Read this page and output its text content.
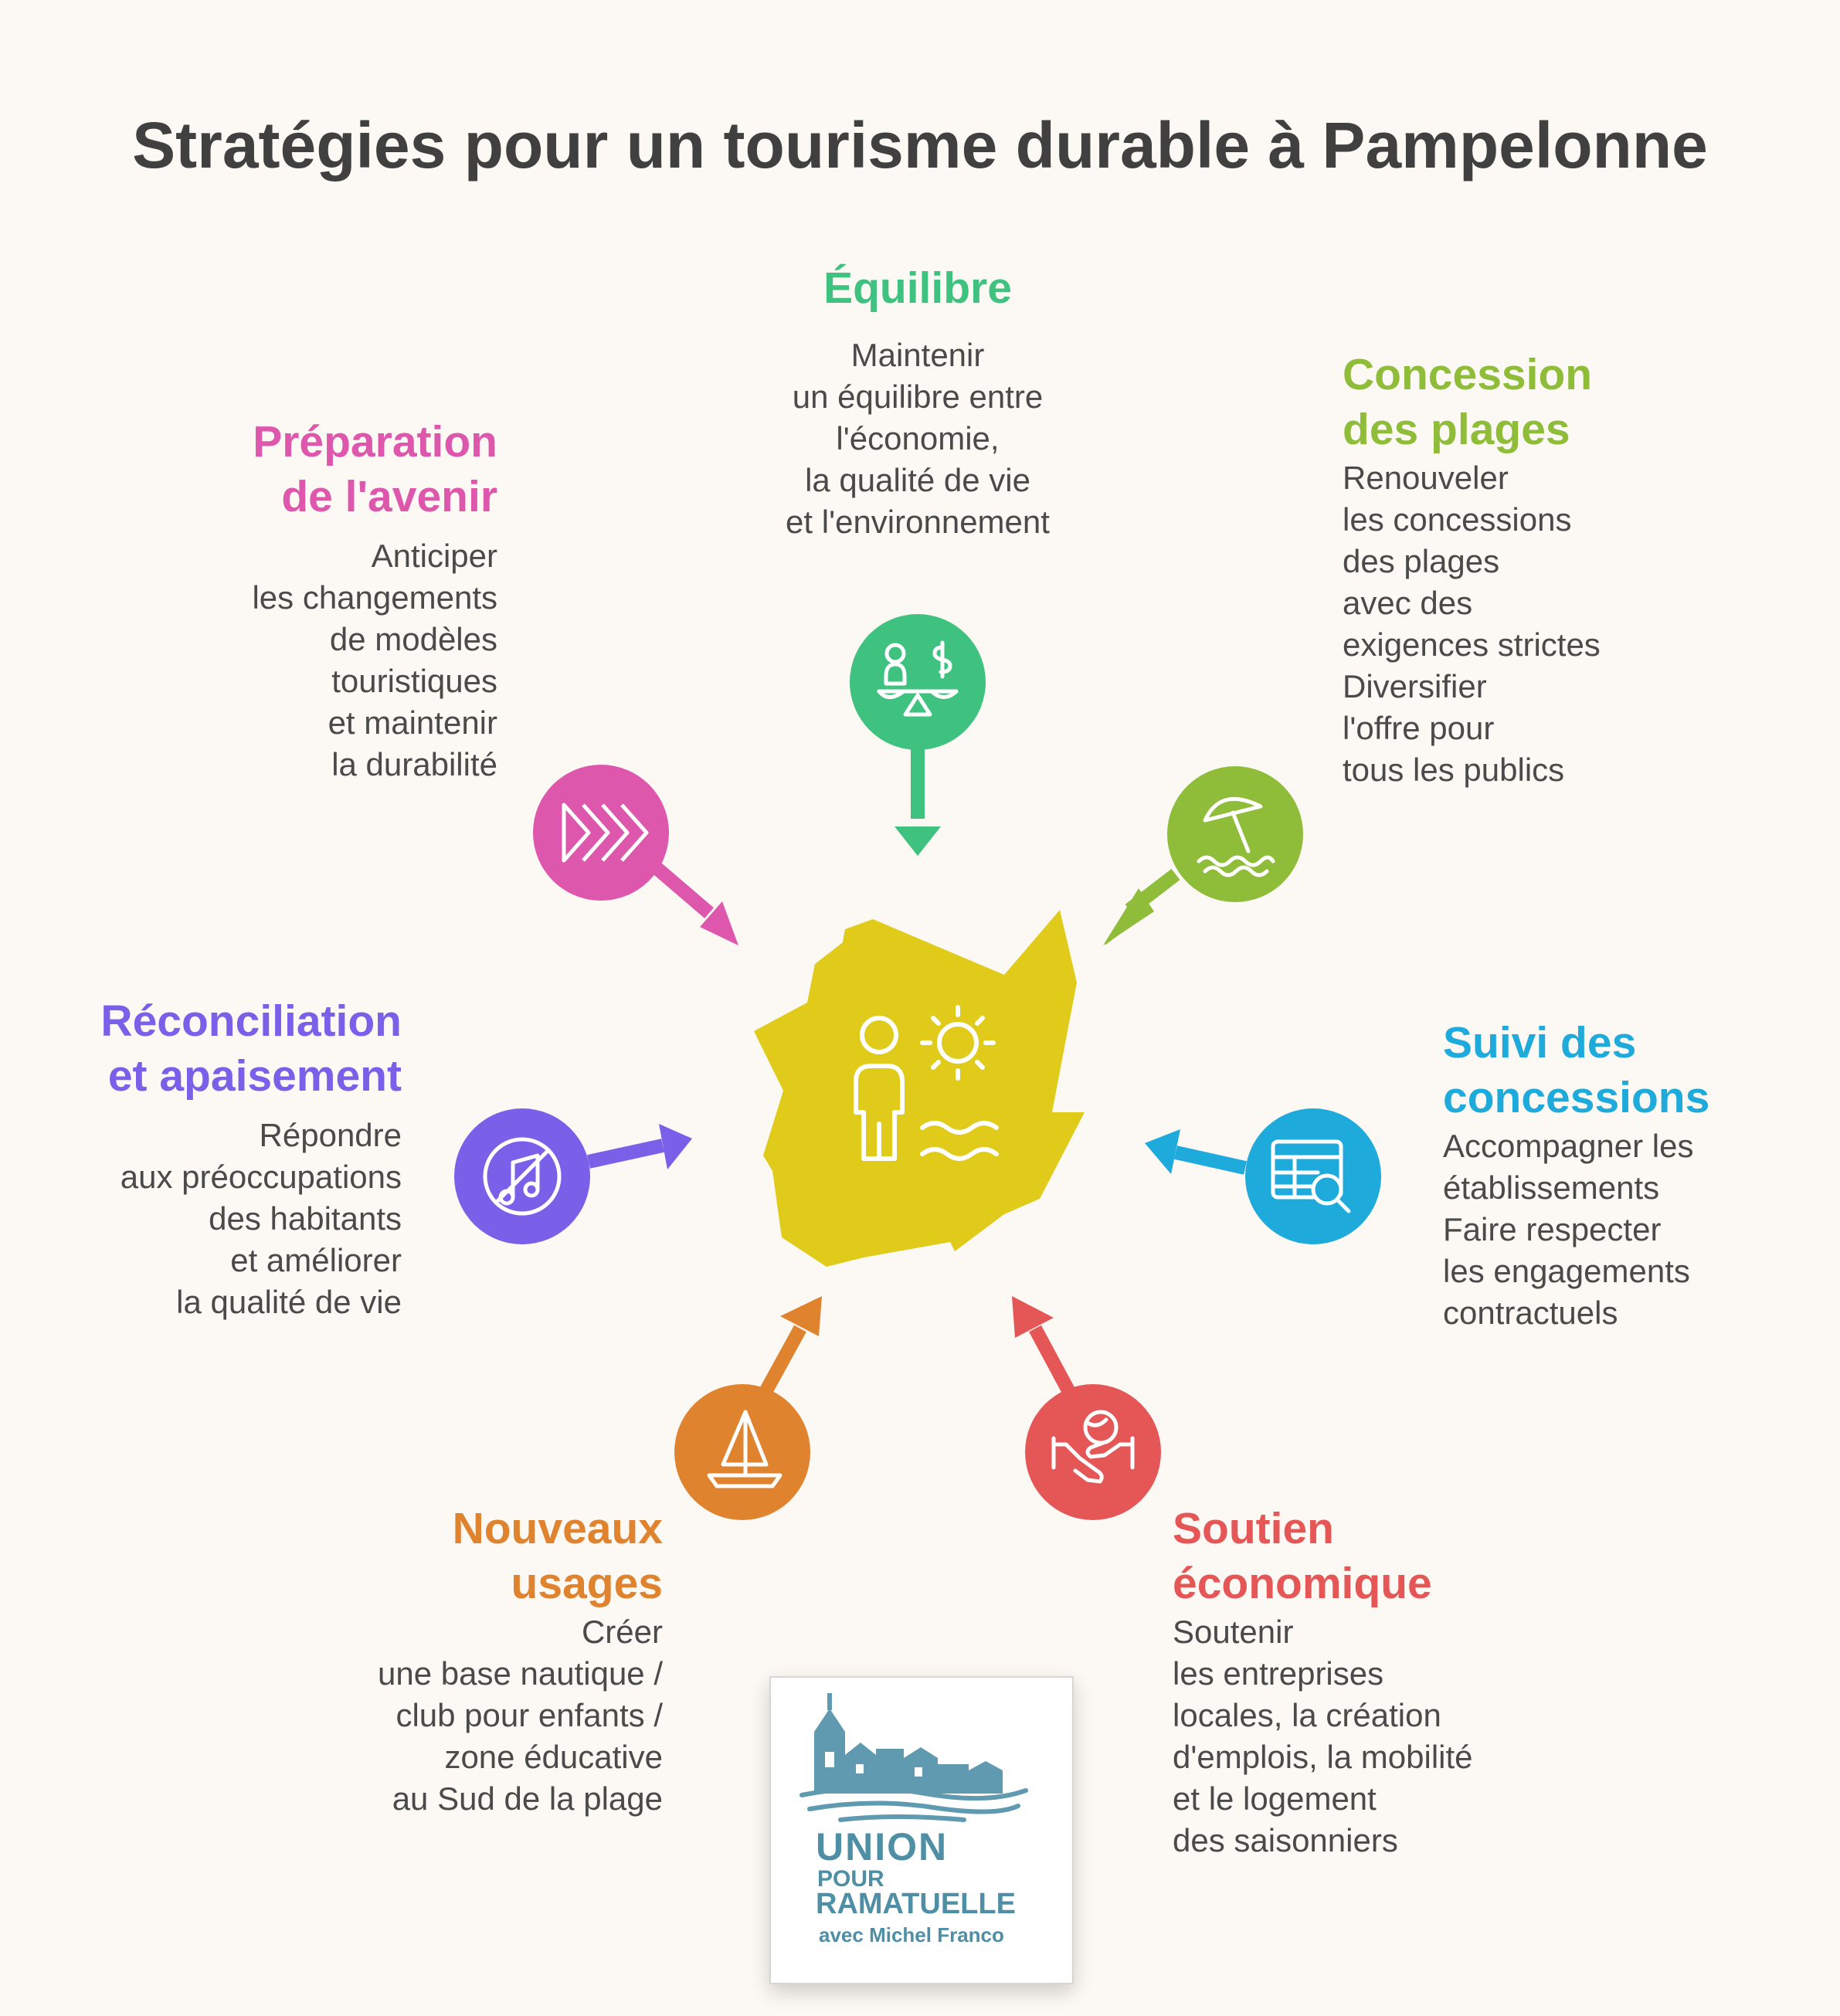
Stratégies pour un tourisme durable à Pampelonne
Équilibre

Maintenir
un équilibre entre
l'économie,
la qualité de vie
et l'environnement

Concession
des plages

Renouveler
les concessions
des plages
avec des
exigences strictes
Diversifier
l'offre pour
tous les publics

Préparation
de l'avenir

Anticiper
les changements
de modèles
touristiques
et maintenir
la durabilité

Réconciliation
et apaisement

Répondre
aux préoccupations
des habitants
et améliorer
la qualité de vie

Suivi des
concessions

Accompagner les
établissements
Faire respecter
les engagements
contractuels

Nouveaux
usages

Créer
une base nautique /
club pour enfants /
zone éducative
au Sud de la plage

Soutien
économique

Soutenir
les entreprises
locales, la création
d'emplois, la mobilité
et le logement
des saisonniers

UNION
POUR
RAMATUELLE
avec Michel Franco
